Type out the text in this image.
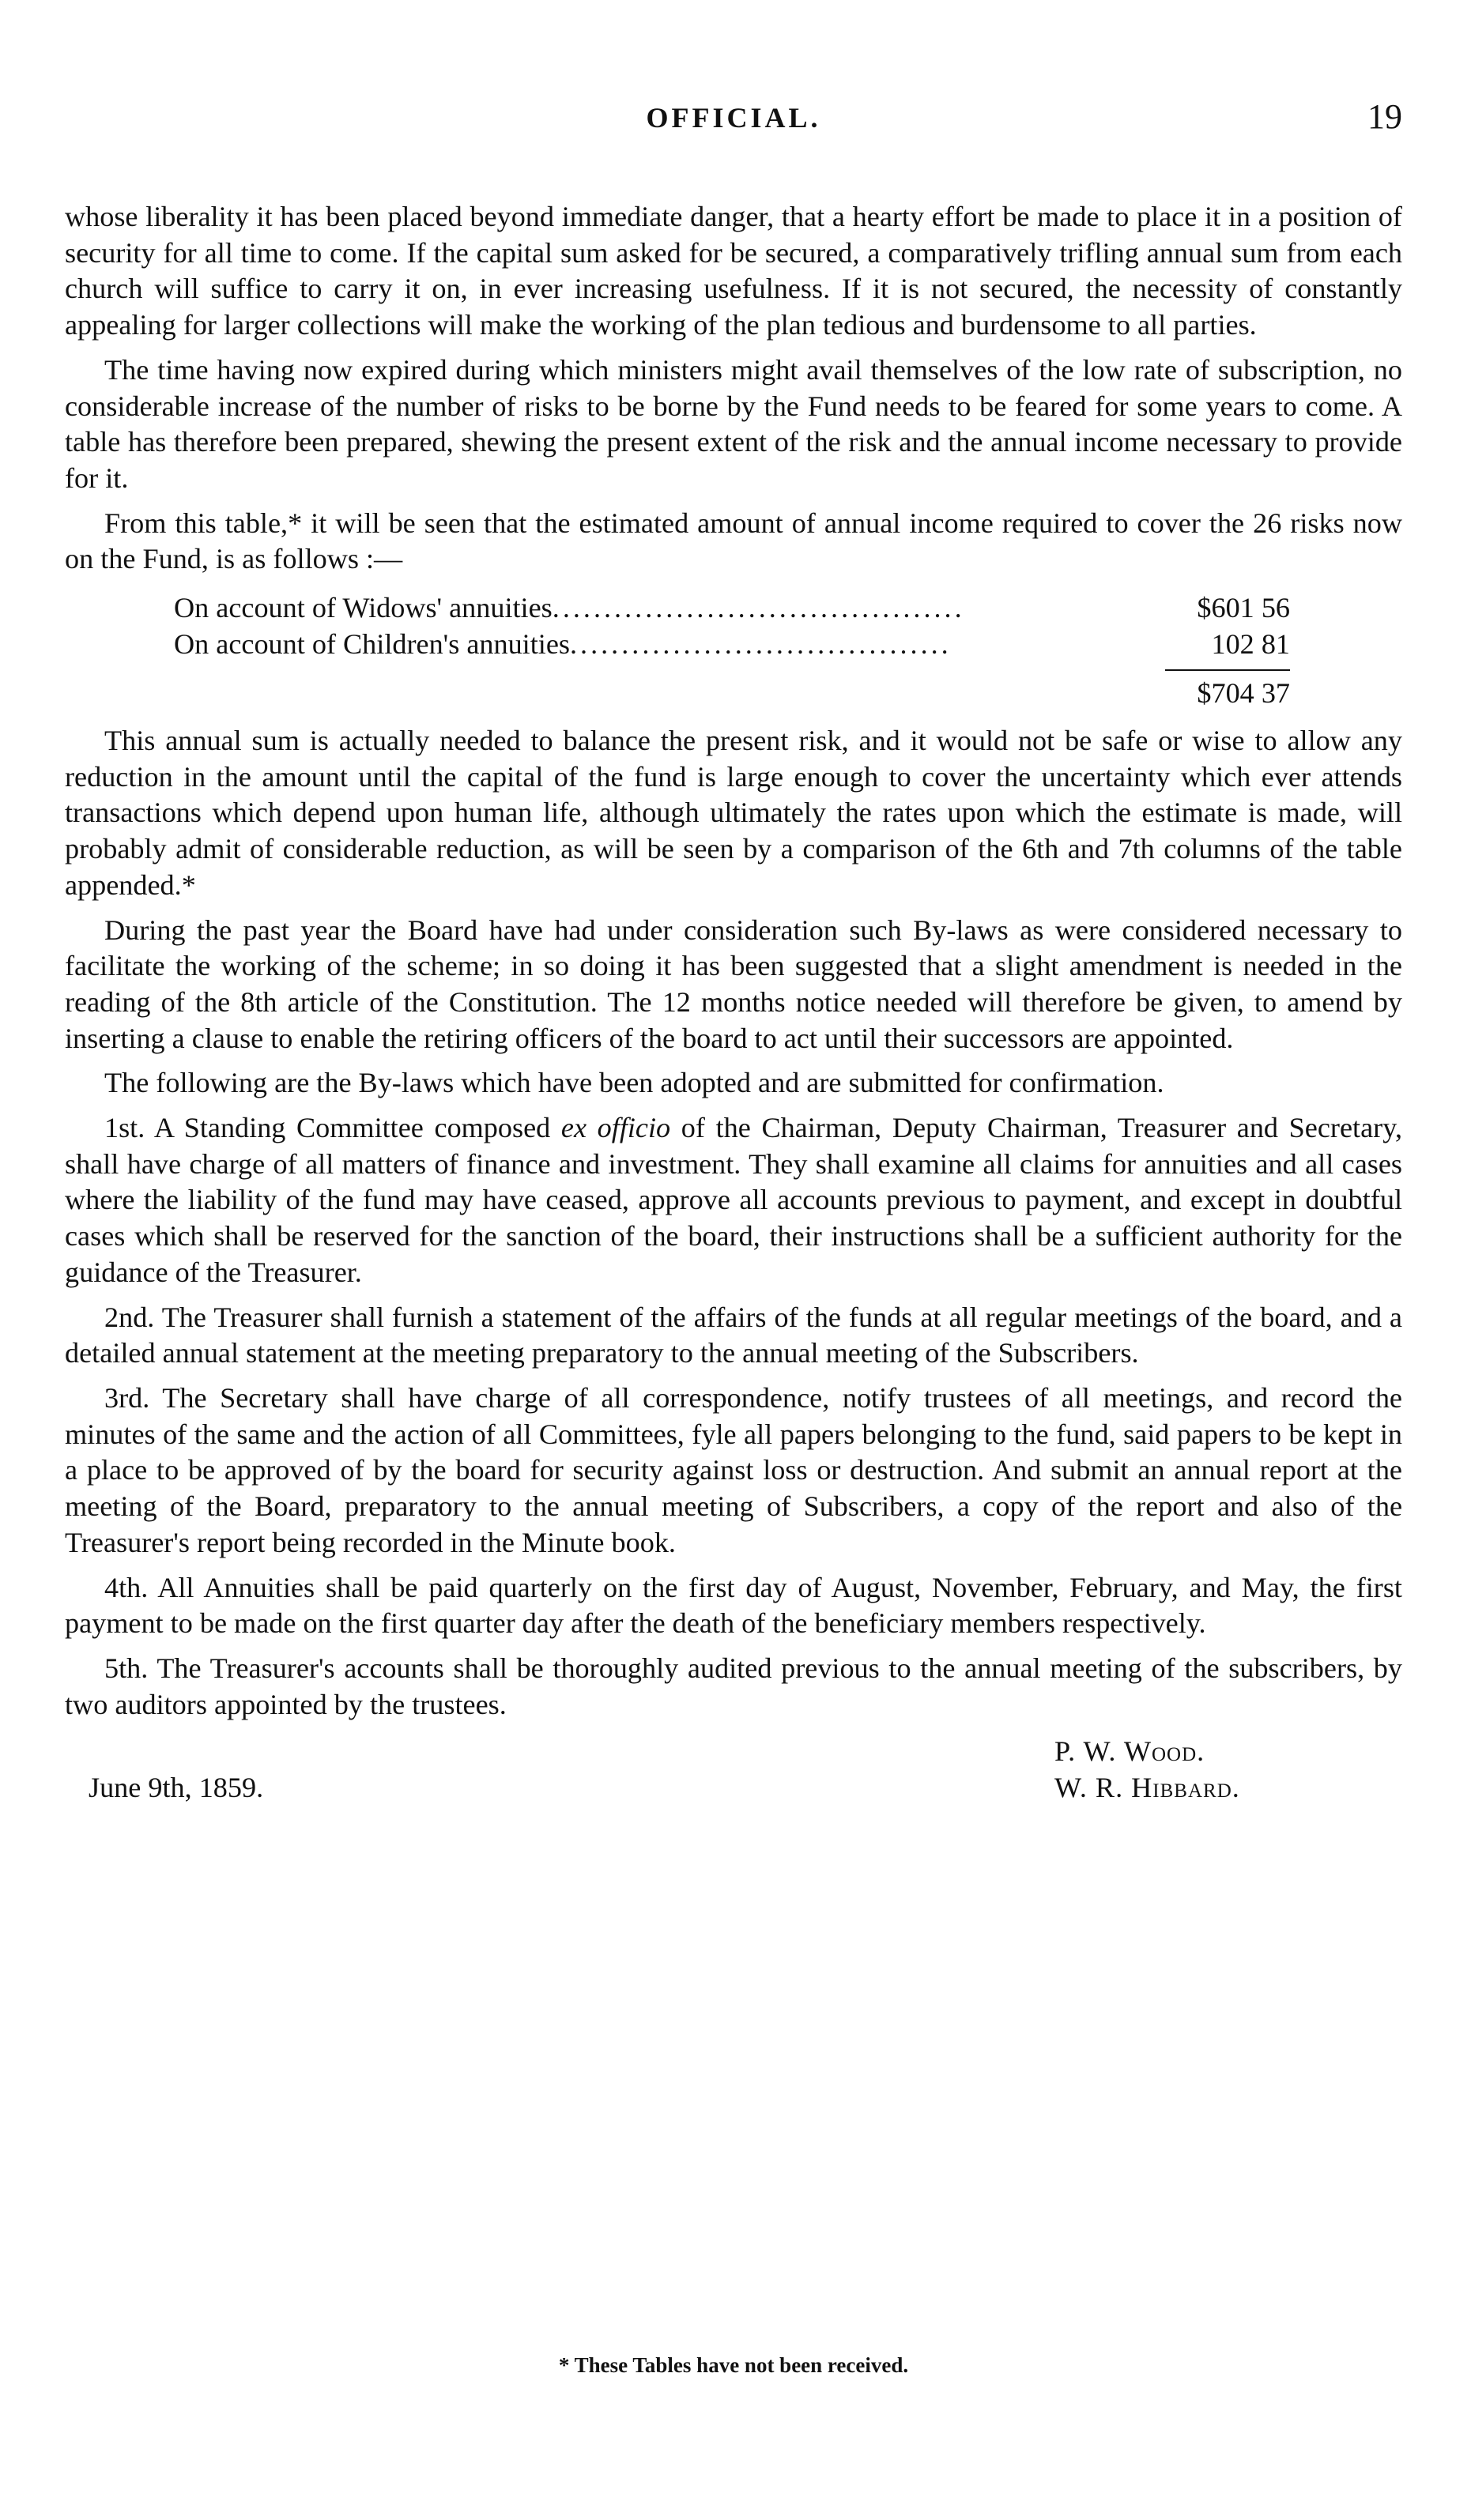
OFFICIAL.	19

whose liberality it has been placed beyond immediate danger, that a hearty effort be made to place it in a position of security for all time to come. If the capital sum asked for be secured, a comparatively trifling annual sum from each church will suffice to carry it on, in ever increasing usefulness. If it is not secured, the necessity of constantly appealing for larger collections will make the working of the plan tedious and burdensome to all parties.

The time having now expired during which ministers might avail themselves of the low rate of subscription, no considerable increase of the number of risks to be borne by the Fund needs to be feared for some years to come. A table has therefore been prepared, shewing the present extent of the risk and the annual income necessary to provide for it.

From this table,* it will be seen that the estimated amount of annual income required to cover the 26 risks now on the Fund, is as follows :—

On account of Widows' annuities........................................	$601 56
On account of Children's annuities.....................................	102 81
$704 37

This annual sum is actually needed to balance the present risk, and it would not be safe or wise to allow any reduction in the amount until the capital of the fund is large enough to cover the uncertainty which ever attends transactions which depend upon human life, although ultimately the rates upon which the estimate is made, will probably admit of considerable reduction, as will be seen by a comparison of the 6th and 7th columns of the table appended.*

During the past year the Board have had under consideration such By-laws as were considered necessary to facilitate the working of the scheme; in so doing it has been suggested that a slight amendment is needed in the reading of the 8th article of the Constitution. The 12 months notice needed will therefore be given, to amend by inserting a clause to enable the retiring officers of the board to act until their successors are appointed.

The following are the By-laws which have been adopted and are submitted for confirmation.

1st. A Standing Committee composed ex officio of the Chairman, Deputy Chairman, Treasurer and Secretary, shall have charge of all matters of finance and investment. They shall examine all claims for annuities and all cases where the liability of the fund may have ceased, approve all accounts previous to payment, and except in doubtful cases which shall be reserved for the sanction of the board, their instructions shall be a sufficient authority for the guidance of the Treasurer.

2nd. The Treasurer shall furnish a statement of the affairs of the funds at all regular meetings of the board, and a detailed annual statement at the meeting preparatory to the annual meeting of the Subscribers.

3rd. The Secretary shall have charge of all correspondence, notify trustees of all meetings, and record the minutes of the same and the action of all Committees, fyle all papers belonging to the fund, said papers to be kept in a place to be approved of by the board for security against loss or destruction. And submit an annual report at the meeting of the Board, preparatory to the annual meeting of Subscribers, a copy of the report and also of the Treasurer's report being recorded in the Minute book.

4th. All Annuities shall be paid quarterly on the first day of August, November, February, and May, the first payment to be made on the first quarter day after the death of the beneficiary members respectively.

5th. The Treasurer's accounts shall be thoroughly audited previous to the annual meeting of the subscribers, by two auditors appointed by the trustees.

June 9th, 1859.
P. W. Wood.
W. R. Hibbard.
* These Tables have not been received.
